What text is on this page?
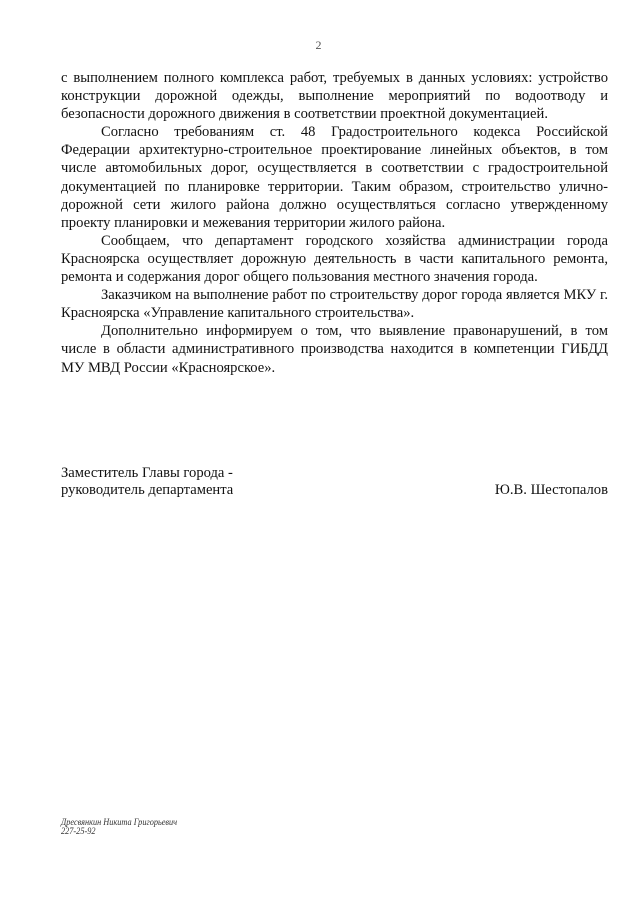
2

с выполнением полного комплекса работ, требуемых в данных условиях: устройство конструкции дорожной одежды, выполнение мероприятий по водоотводу и безопасности дорожного движения в соответствии проектной документацией.

Согласно требованиям ст. 48 Градостроительного кодекса Российской Федерации архитектурно-строительное проектирование линейных объектов, в том числе автомобильных дорог, осуществляется в соответствии с градостроительной документацией по планировке территории. Таким образом, строительство улично-дорожной сети жилого района должно осуществляться согласно утвержденному проекту планировки и межевания территории жилого района.

Сообщаем, что департамент городского хозяйства администрации города Красноярска осуществляет дорожную деятельность в части капитального ремонта, ремонта и содержания дорог общего пользования местного значения города.

Заказчиком на выполнение работ по строительству дорог города является МКУ г. Красноярска «Управление капитального строительства».

Дополнительно информируем о том, что выявление правонарушений, в том числе в области административного производства находится в компетенции ГИБДД МУ МВД России «Красноярское».

Заместитель Главы города -
руководитель департамента	Ю.В. Шестопалов
Дресвянкин Никита Григорьевич
227-25-92
